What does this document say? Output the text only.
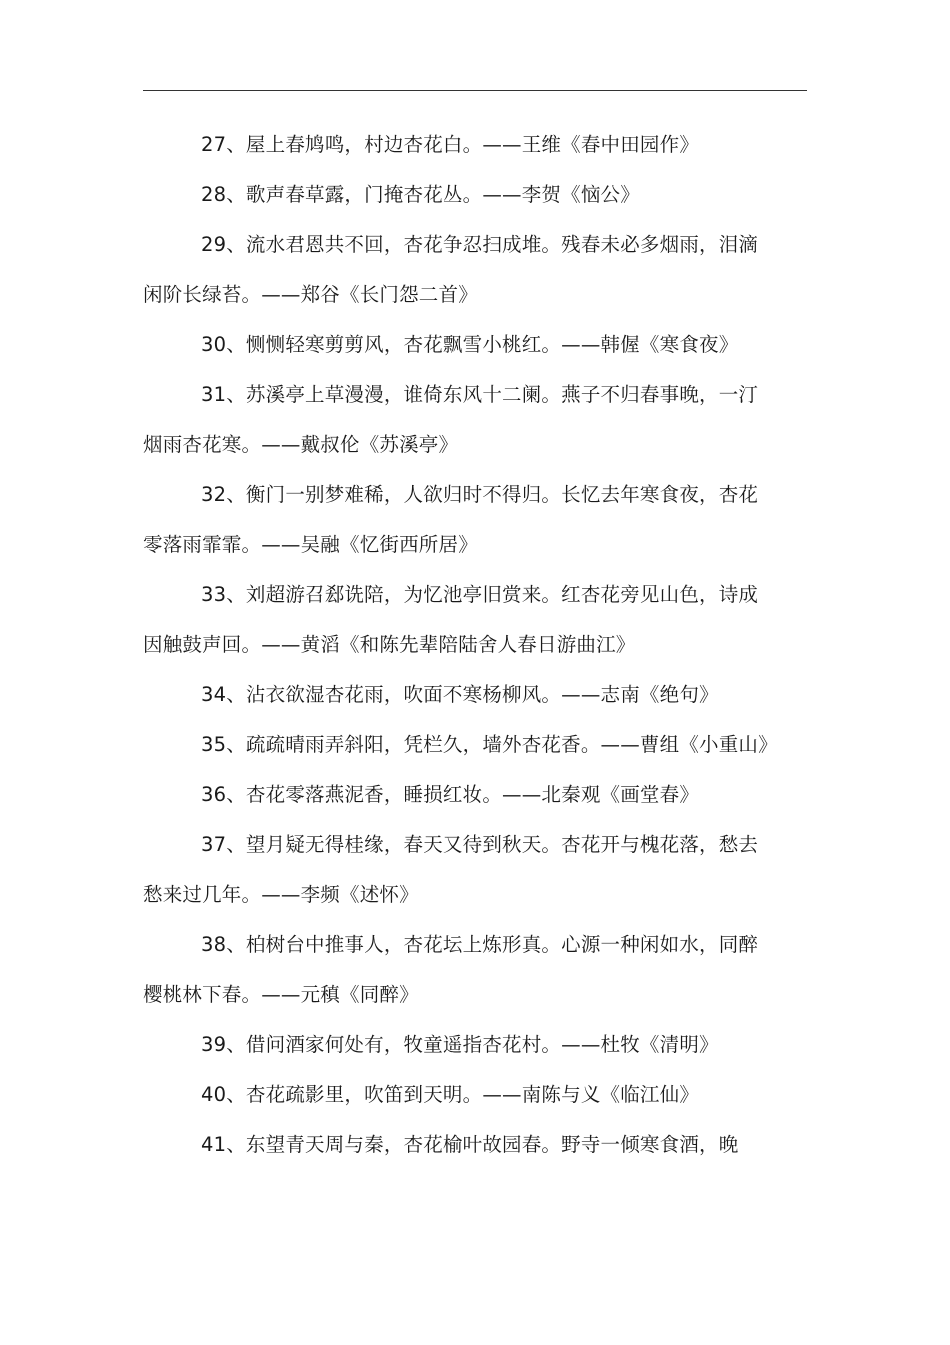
27、屋上春鸠鸣，村边杏花白。——王维《春中田园作》

28、歌声春草露，门掩杏花丛。——李贺《恼公》

29、流水君恩共不回，杏花争忍扫成堆。残春未必多烟雨，泪滴闲阶长绿苔。——郑谷《长门怨二首》

30、恻恻轻寒剪剪风，杏花飘雪小桃红。——韩偓《寒食夜》

31、苏溪亭上草漫漫，谁倚东风十二阑。燕子不归春事晚，一汀烟雨杏花寒。——戴叔伦《苏溪亭》

32、衡门一别梦难稀，人欲归时不得归。长忆去年寒食夜，杏花零落雨霏霏。——吴融《忆街西所居》

33、刘超游召郄诜陪，为忆池亭旧赏来。红杏花旁见山色，诗成因触鼓声回。——黄滔《和陈先辈陪陆舍人春日游曲江》

34、沾衣欲湿杏花雨，吹面不寒杨柳风。——志南《绝句》

35、疏疏晴雨弄斜阳，凭栏久，墙外杏花香。——曹组《小重山》

36、杏花零落燕泥香，睡损红妆。——北秦观《画堂春》

37、望月疑无得桂缘，春天又待到秋天。杏花开与槐花落，愁去愁来过几年。——李频《述怀》

38、柏树台中推事人，杏花坛上炼形真。心源一种闲如水，同醉樱桃林下春。——元稹《同醉》

39、借问酒家何处有，牧童遥指杏花村。——杜牧《清明》

40、杏花疏影里，吹笛到天明。——南陈与义《临江仙》

41、东望青天周与秦，杏花榆叶故园春。野寺一倾寒食酒，晚
